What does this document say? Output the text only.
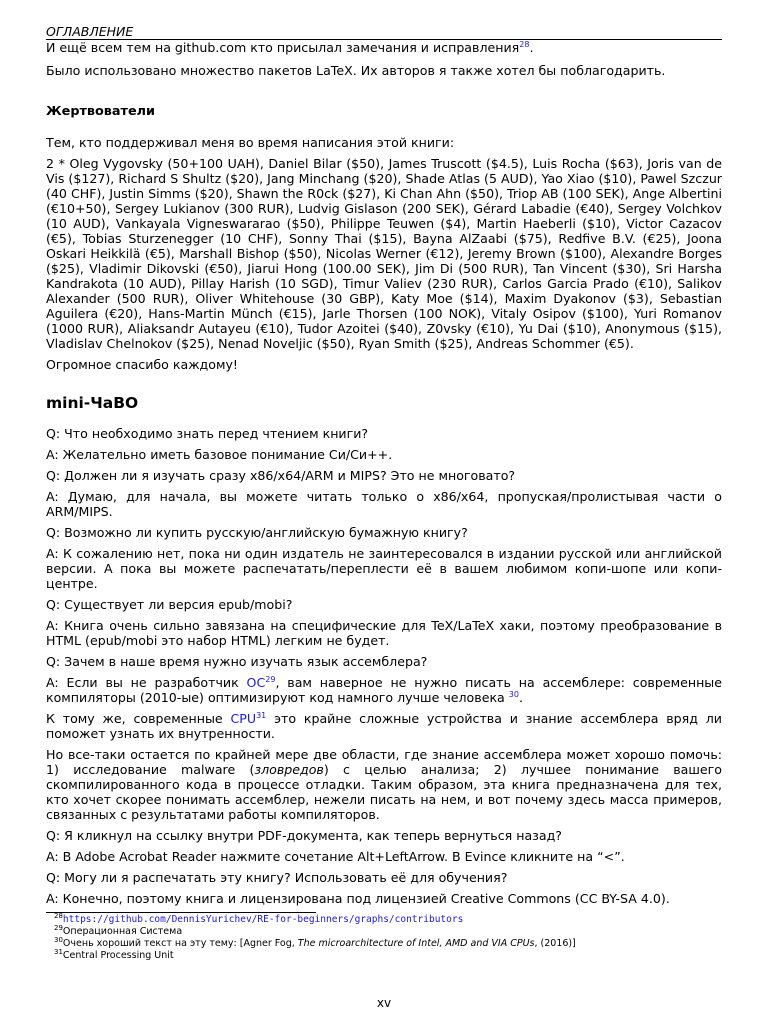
ОГЛАВЛЕНИЕ

И ещё всем тем на github.com кто присылал замечания и исправления$^{28}$.

Было использовано множество пакетов LaTeX. Их авторов я также хотел бы поблагодарить.

Жертвователи

Тем, кто поддерживал меня во время написания этой книги:

2 * Oleg Vygovsky (50+100 UAH), Daniel Bilar ($50), James Truscott ($4.5), Luis Rocha ($63), Joris van de Vis ($127), Richard S Shultz ($20), Jang Minchang ($20), Shade Atlas (5 AUD), Yao Xiao ($10), Pawel Szczur (40 CHF), Justin Simms ($20), Shawn the R0ck ($27), Ki Chan Ahn ($50), Triop AB (100 SEK), Ange Albertini (€10+50), Sergey Lukianov (300 RUR), Ludvig Gislason (200 SEK), Gérard Labadie (€40), Sergey Volchkov (10 AUD), Vankayala Vigneswararao ($50), Philippe Teuwen ($4), Martin Haeberli ($10), Victor Cazacov (€5), Tobias Sturzenegger (10 CHF), Sonny Thai ($15), Bayna AlZaabi ($75), Redfive B.V. (€25), Joona Oskari Heikkilä (€5), Marshall Bishop ($50), Nicolas Werner (€12), Jeremy Brown ($100), Alexandre Borges ($25), Vladimir Dikovski (€50), Jiarui Hong (100.00 SEK), Jim Di (500 RUR), Tan Vincent ($30), Sri Harsha Kandrakota (10 AUD), Pillay Harish (10 SGD), Timur Valiev (230 RUR), Carlos Garcia Prado (€10), Salikov Alexander (500 RUR), Oliver Whitehouse (30 GBP), Katy Moe ($14), Maxim Dyakonov ($3), Sebastian Aguilera (€20), Hans-Martin Münch (€15), Jarle Thorsen (100 NOK), Vitaly Osipov ($100), Yuri Romanov (1000 RUR), Aliaksandr Autayeu (€10), Tudor Azoitei ($40), Z0vsky (€10), Yu Dai ($10), Anonymous ($15), Vladislav Chelnokov ($25), Nenad Noveljic ($50), Ryan Smith ($25), Andreas Schommer (€5).

Огромное спасибо каждому!

mini-ЧаВО

Q: Что необходимо знать перед чтением книги?

A: Желательно иметь базовое понимание Си/Си++.

Q: Должен ли я изучать сразу x86/x64/ARM и MIPS? Это не многовато?

A: Думаю, для начала, вы можете читать только о x86/x64, пропуская/пролистывая части о ARM/MIPS.

Q: Возможно ли купить русскую/английскую бумажную книгу?

A: К сожалению нет, пока ни один издатель не заинтересовался в издании русской или английской версии. А пока вы можете распечатать/переплести её в вашем любимом копи-шопе или копи-центре.

Q: Существует ли версия epub/mobi?

A: Книга очень сильно завязана на специфические для TeX/LaTeX хаки, поэтому преобразование в HTML (epub/mobi это набор HTML) легким не будет.

Q: Зачем в наше время нужно изучать язык ассемблера?

A: Если вы не разработчик OC$^{29}$, вам наверное не нужно писать на ассемблере: современные компиляторы (2010-ые) оптимизируют код намного лучше человека $^{30}$.

К тому же, современные CPU$^{31}$ это крайне сложные устройства и знание ассемблера вряд ли поможет узнать их внутренности.

Но все-таки остается по крайней мере две области, где знание ассемблера может хорошо помочь: 1) исследование malware (зловредов) с целью анализа; 2) лучшее понимание вашего скомпилированного кода в процессе отладки. Таким образом, эта книга предназначена для тех, кто хочет скорее понимать ассемблер, нежели писать на нем, и вот почему здесь масса примеров, связанных с результатами работы компиляторов.

Q: Я кликнул на ссылку внутри PDF-документа, как теперь вернуться назад?

A: В Adobe Acrobat Reader нажмите сочетание Alt+LeftArrow. В Evince кликните на “<”.

Q: Могу ли я распечатать эту книгу? Использовать её для обучения?

A: Конечно, поэтому книга и лицензирована под лицензией Creative Commons (CC BY-SA 4.0).

$^{28}$https://github.com/DennisYurichev/RE-for-beginners/graphs/contributors
$^{29}$Операционная Система
$^{30}$Очень хороший текст на эту тему: [Agner Fog, The microarchitecture of Intel, AMD and VIA CPUs, (2016)]
$^{31}$Central Processing Unit
xv
